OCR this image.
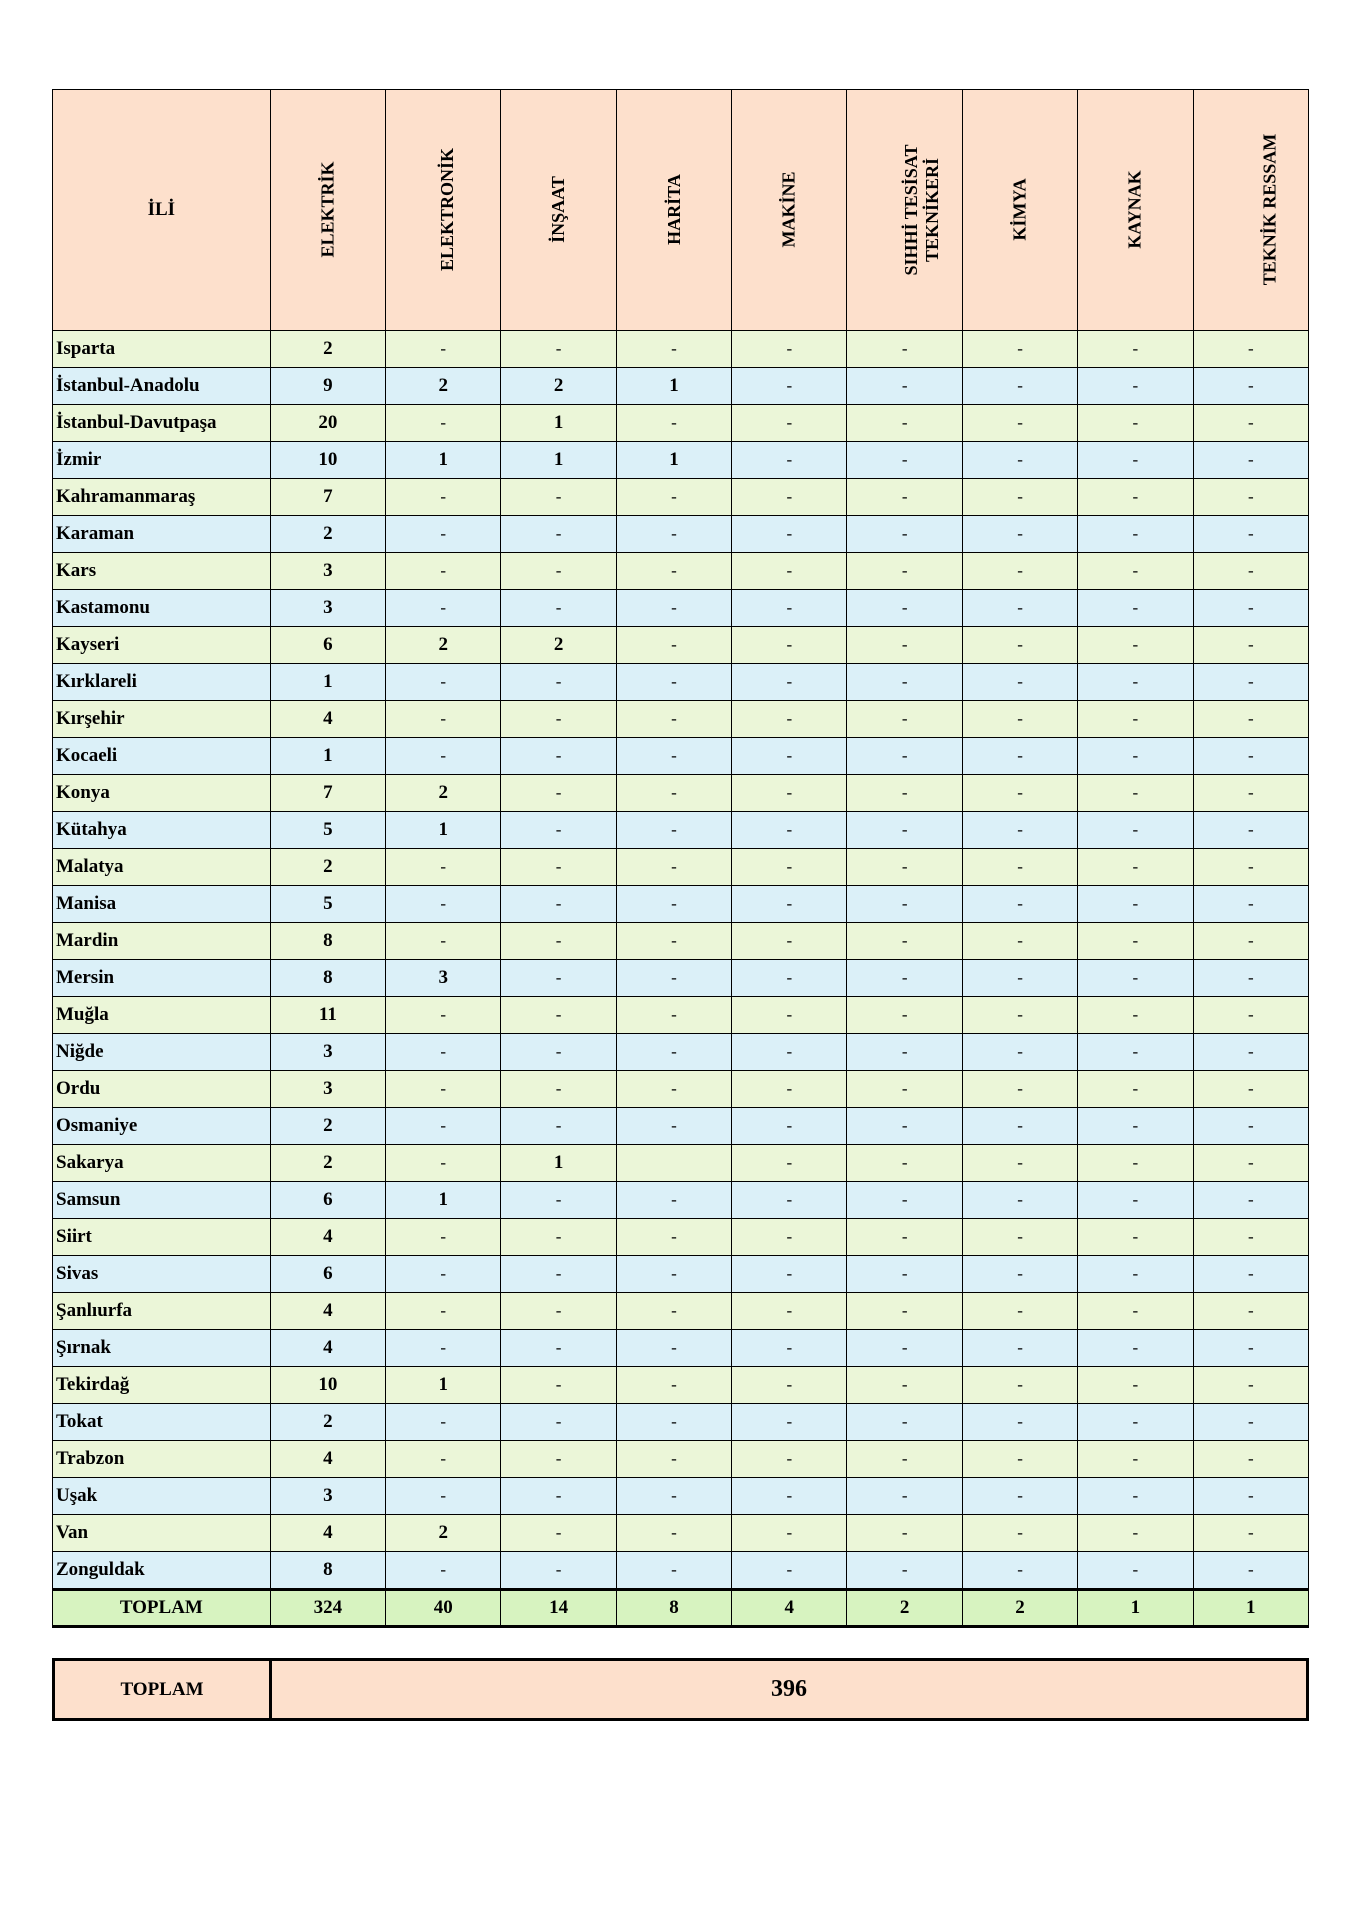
İLİ	ELEKTRİK	ELEKTRONİK	İNŞAAT	HARİTA	MAKİNE	SIHHİ TESİSAT TEKNİKERİ	KİMYA	KAYNAK	TEKNİK RESSAM
Isparta	2	-	-	-	-	-	-	-	-
İstanbul-Anadolu	9	2	2	1	-	-	-	-	-
İstanbul-Davutpaşa	20	-	1	-	-	-	-	-	-
İzmir	10	1	1	1	-	-	-	-	-
Kahramanmaraş	7	-	-	-	-	-	-	-	-
Karaman	2	-	-	-	-	-	-	-	-
Kars	3	-	-	-	-	-	-	-	-
Kastamonu	3	-	-	-	-	-	-	-	-
Kayseri	6	2	2	-	-	-	-	-	-
Kırklareli	1	-	-	-	-	-	-	-	-
Kırşehir	4	-	-	-	-	-	-	-	-
Kocaeli	1	-	-	-	-	-	-	-	-
Konya	7	2	-	-	-	-	-	-	-
Kütahya	5	1	-	-	-	-	-	-	-
Malatya	2	-	-	-	-	-	-	-	-
Manisa	5	-	-	-	-	-	-	-	-
Mardin	8	-	-	-	-	-	-	-	-
Mersin	8	3	-	-	-	-	-	-	-
Muğla	11	-	-	-	-	-	-	-	-
Niğde	3	-	-	-	-	-	-	-	-
Ordu	3	-	-	-	-	-	-	-	-
Osmaniye	2	-	-	-	-	-	-	-	-
Sakarya	2	-	1		-	-	-	-	-
Samsun	6	1	-	-	-	-	-	-	-
Siirt	4	-	-	-	-	-	-	-	-
Sivas	6	-	-	-	-	-	-	-	-
Şanlıurfa	4	-	-	-	-	-	-	-	-
Şırnak	4	-	-	-	-	-	-	-	-
Tekirdağ	10	1	-	-	-	-	-	-	-
Tokat	2	-	-	-	-	-	-	-	-
Trabzon	4	-	-	-	-	-	-	-	-
Uşak	3	-	-	-	-	-	-	-	-
Van	4	2	-	-	-	-	-	-	-
Zonguldak	8	-	-	-	-	-	-	-	-
TOPLAM	324	40	14	8	4	2	2	1	1
TOPLAM	396
